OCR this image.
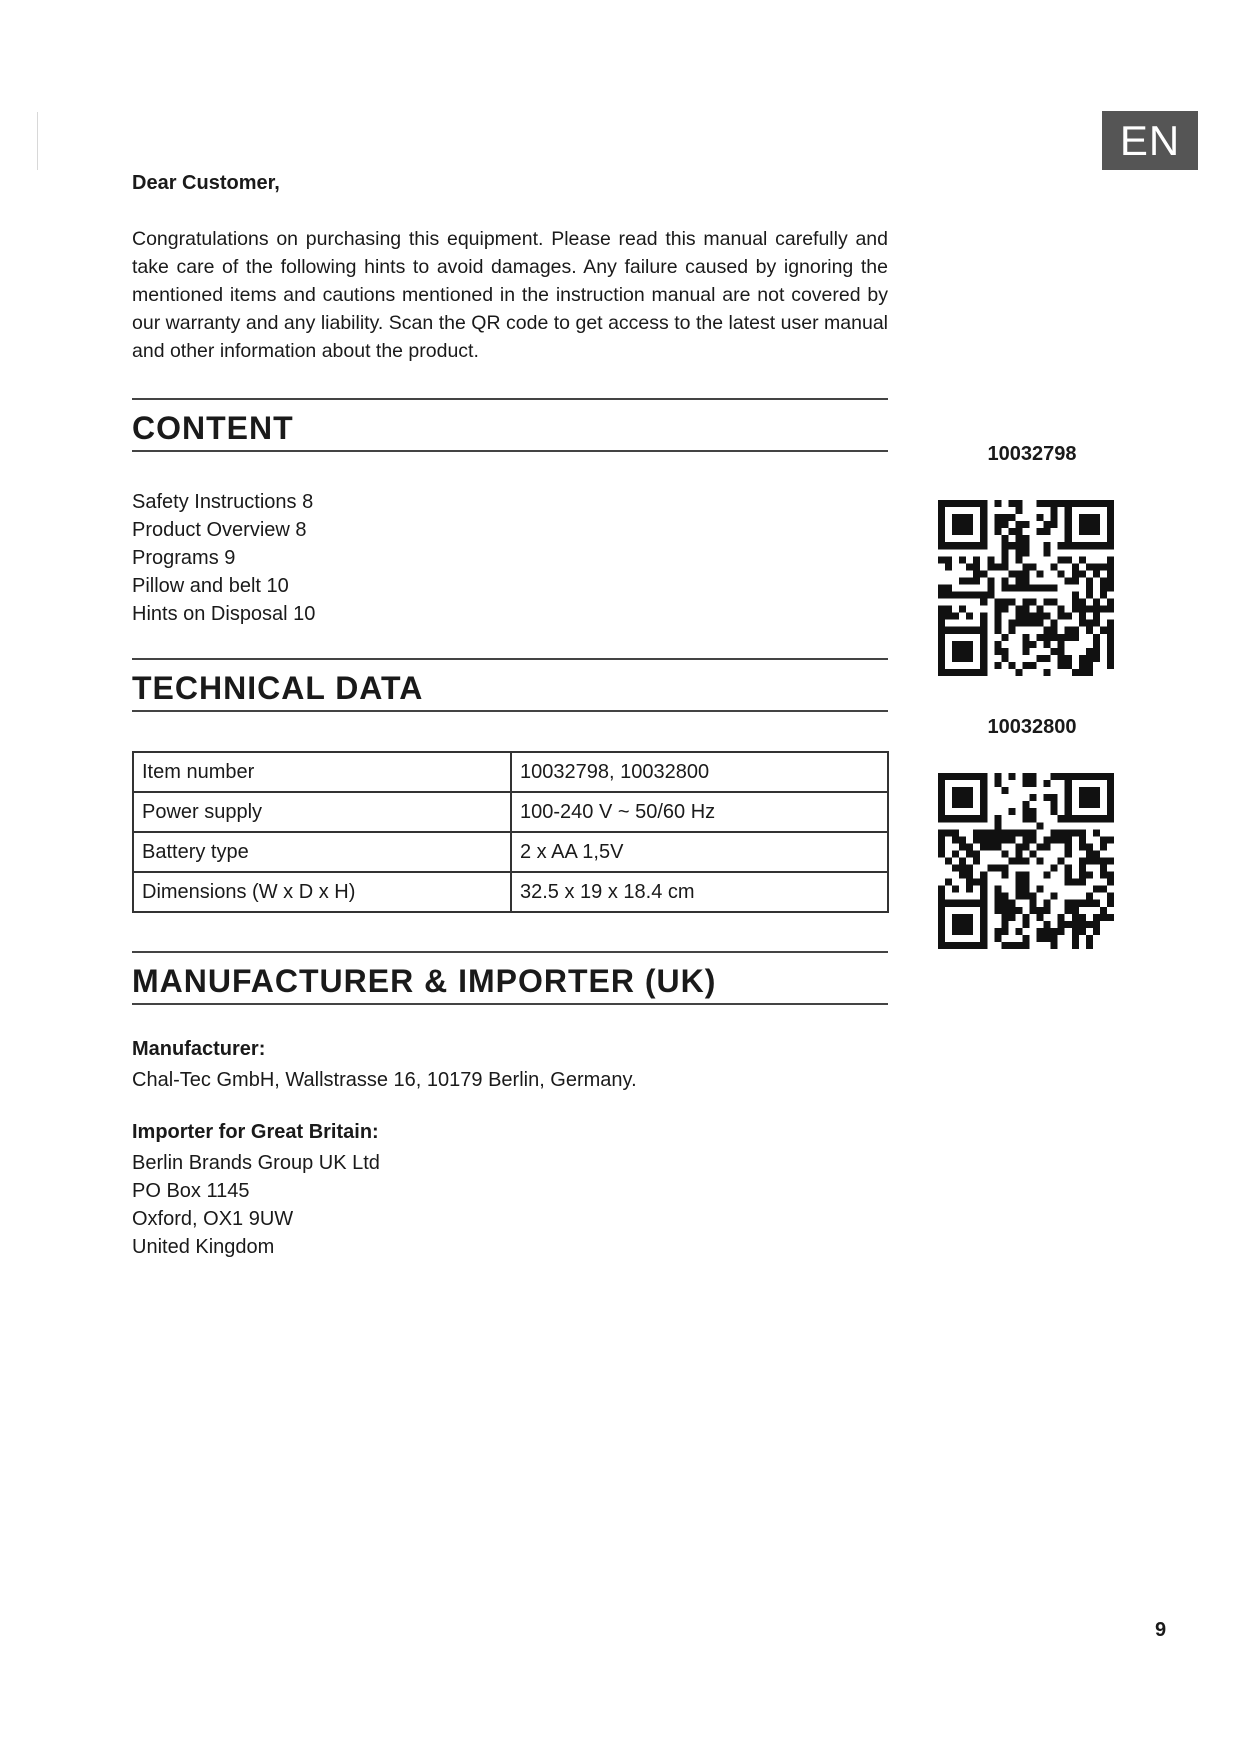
EN
Dear Customer,

Congratulations on purchasing this equipment. Please read this manual carefully and take care of the following hints to avoid damages. Any failure caused by ignoring the mentioned items and cautions mentioned in the instruction manual are not covered by our warranty and any liability. Scan the QR code to get access to the latest user manual and other information about the product.

CONTENT
Safety Instructions 8
Product Overview 8
Programs 9
Pillow and belt 10
Hints on Disposal 10
TECHNICAL DATA
Item number	10032798, 10032800
Power supply	100-240 V ~ 50/60 Hz
Battery type	2 x AA 1,5V
Dimensions (W x D x H)	32.5 x 19 x 18.4 cm
MANUFACTURER & IMPORTER (UK)
Manufacturer:
Chal-Tec GmbH, Wallstrasse 16, 10179 Berlin, Germany.
Importer for Great Britain:
Berlin Brands Group UK Ltd
PO Box 1145
Oxford, OX1 9UW
United Kingdom
10032798
10032800
9
